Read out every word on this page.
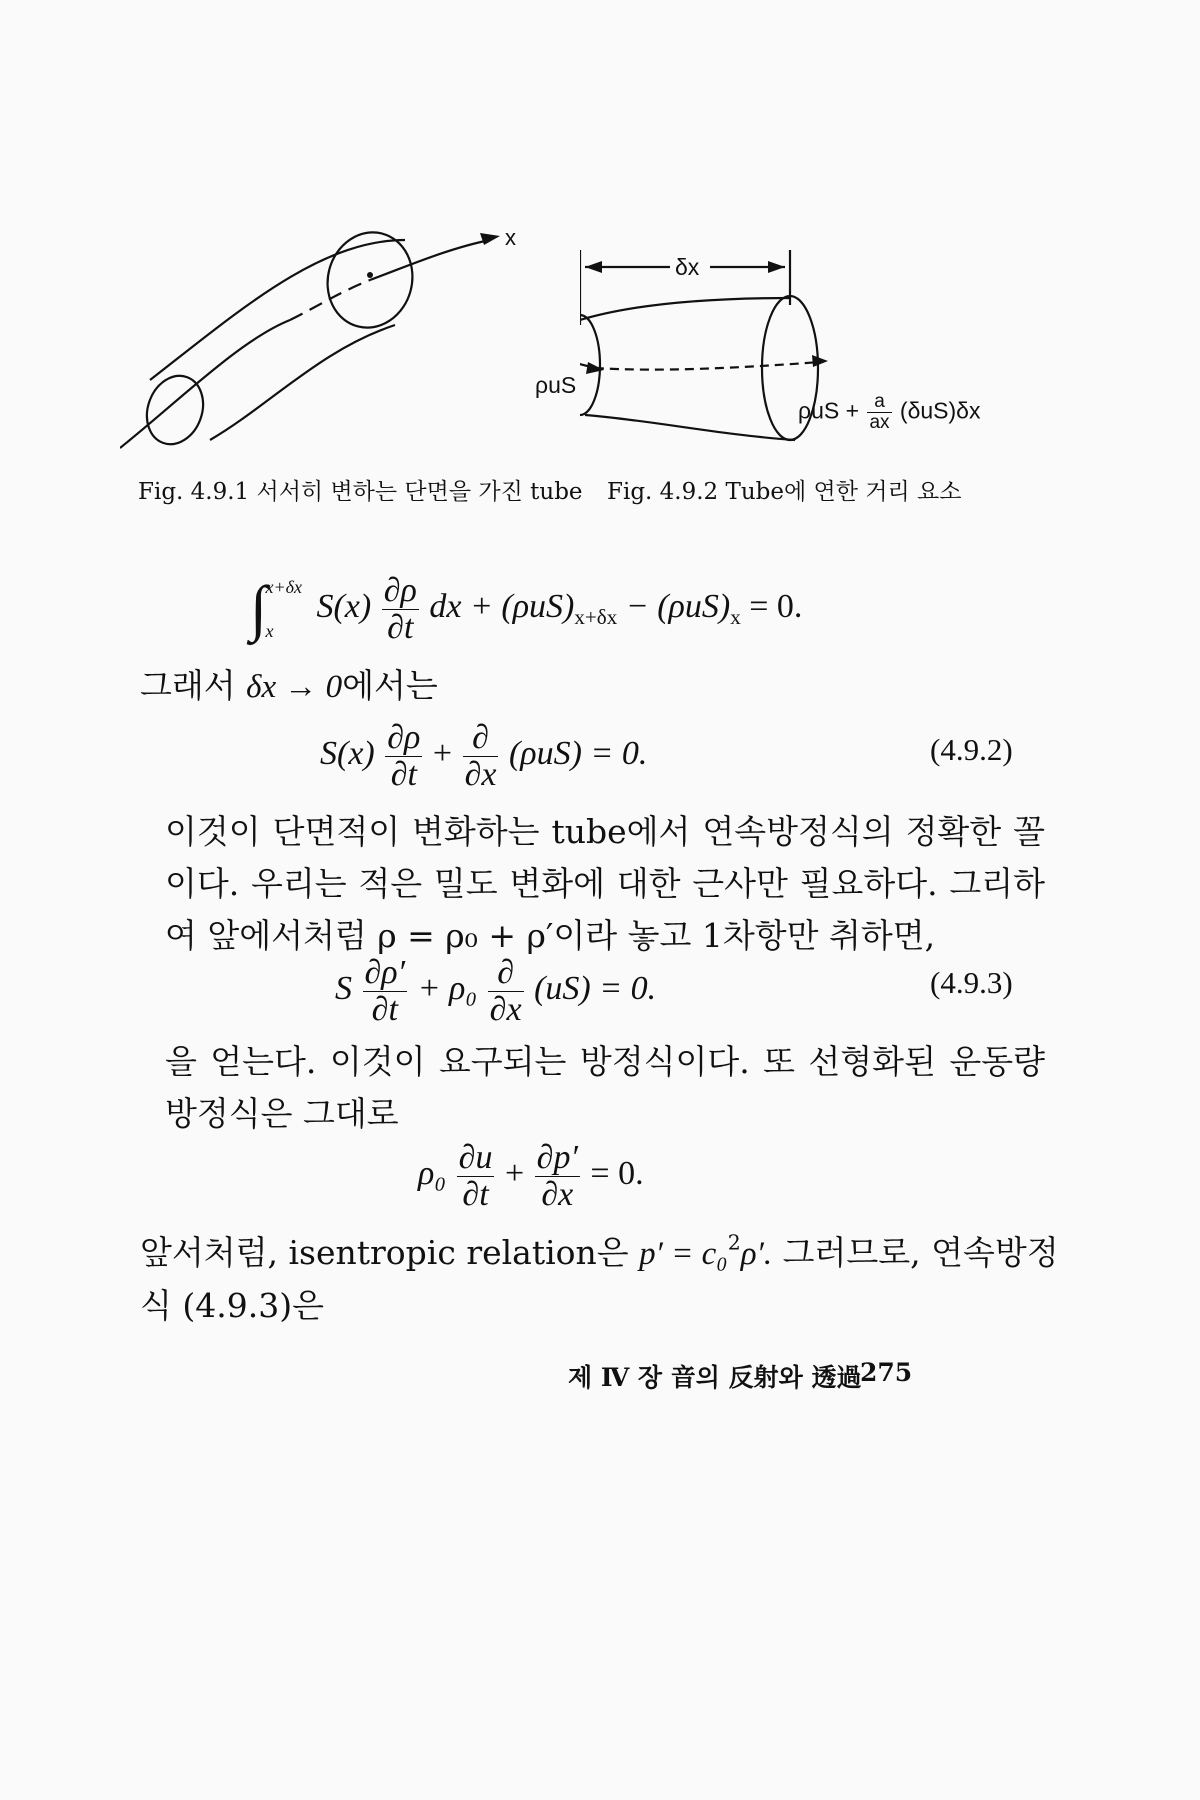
x
δx
ρuS
$\rho uS + \frac{a}{ax} (\delta uS)\delta x$
Fig. 4.9.1 서서히 변하는 단면을 가진 tube Fig. 4.9.2 Tube에 연한 거리 요소
∫
x+δx
x
$S(x) \frac{\partial\rho}{\partial t}$ dx + $(\rho uS)_{x+\delta x} - (\rho uS)_x = 0$.
그래서 δx → 0에서는
$S(x) \frac{\partial\rho}{\partial t} + \frac{\partial}{\partial x} (\rho uS) = 0$.	(4.9.2)
이것이 단면적이 변화하는 tube에서 연속방정식의 정확한 꼴이다. 우리는 적은 밀도 변화에 대한 근사만 필요하다. 그리하여 앞에서처럼 ρ = ρ₀ + ρ′이라 놓고 1차항만 취하면,
S $\frac{\partial\rho'}{\partial t} + \rho_0 \frac{\partial}{\partial x} (uS) = 0$.	(4.9.3)
을 얻는다. 이것이 요구되는 방정식이다. 또 선형화된 운동량방정식은 그대로
$\rho_0 \frac{\partial u}{\partial t} + \frac{\partial p'}{\partial x} = 0$.
앞서처럼, isentropic relation은 p′ = c₀$^2$ρ′. 그러므로, 연속방정
식 (4.9.3)은
제 Ⅳ 장 音의 反射와 透過
275
